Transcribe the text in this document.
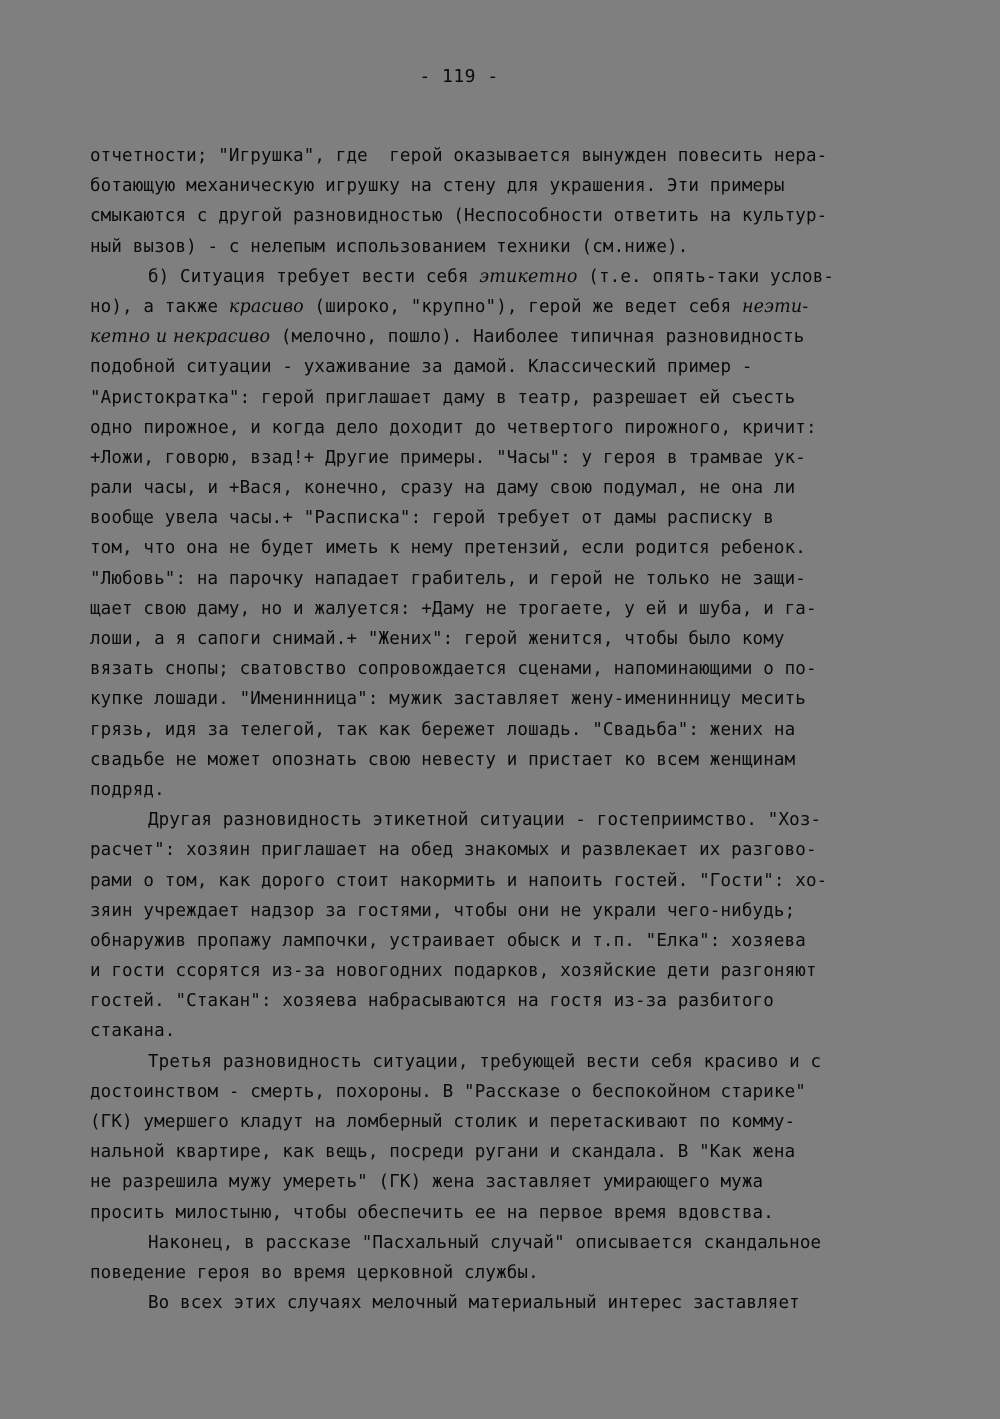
- 119 -
отчетности; "Игрушка", где  герой оказывается вынужден повесить нера-
ботающую механическую игрушку на стену для украшения. Эти примеры
смыкаются с другой разновидностью (Неспособности ответить на культур-
ный вызов) - с нелепым использованием техники (см.ниже).
б) Ситуация требует вести себя этикетно (т.е. опять-таки услов-
но), а также красиво (широко, "крупно"), герой же ведет себя неэти-
кетно и некрасиво (мелочно, пошло). Наиболее типичная разновидность
подобной ситуации - ухаживание за дамой. Классический пример -
"Аристократка": герой приглашает даму в театр, разрешает ей съесть
одно пирожное, и когда дело доходит до четвертого пирожного, кричит:
+Ложи, говорю, взад!+ Другие примеры. "Часы": у героя в трамвае ук-
рали часы, и +Вася, конечно, сразу на даму свою подумал, не она ли
вообще увела часы.+ "Расписка": герой требует от дамы расписку в
том, что она не будет иметь к нему претензий, если родится ребенок.
"Любовь": на парочку нападает грабитель, и герой не только не защи-
щает свою даму, но и жалуется: +Даму не трогаете, у ей и шуба, и га-
лоши, а я сапоги снимай.+ "Жених": герой женится, чтобы было кому
вязать снопы; сватовство сопровождается сценами, напоминающими о по-
купке лошади. "Именинница": мужик заставляет жену-именинницу месить
грязь, идя за телегой, так как бережет лошадь. "Свадьба": жених на
свадьбе не может опознать свою невесту и пристает ко всем женщинам
подряд.
Другая разновидность этикетной ситуации - гостеприимство. "Хоз-
расчет": хозяин приглашает на обед знакомых и развлекает их разгово-
рами о том, как дорого стоит накормить и напоить гостей. "Гости": хо-
зяин учреждает надзор за гостями, чтобы они не украли чего-нибудь;
обнаружив пропажу лампочки, устраивает обыск и т.п. "Елка": хозяева
и гости ссорятся из-за новогодних подарков, хозяйские дети разгоняют
гостей. "Стакан": хозяева набрасываются на гостя из-за разбитого
стакана.
Третья разновидность ситуации, требующей вести себя красиво и с
достоинством - смерть, похороны. В "Рассказе о беспокойном старике"
(ГК) умершего кладут на ломберный столик и перетаскивают по комму-
нальной квартире, как вещь, посреди ругани и скандала. В "Как жена
не разрешила мужу умереть" (ГК) жена заставляет умирающего мужа
просить милостыню, чтобы обеспечить ее на первое время вдовства.
Наконец, в рассказе "Пасхальный случай" описывается скандальное
поведение героя во время церковной службы.
Во всех этих случаях мелочный материальный интерес заставляет
